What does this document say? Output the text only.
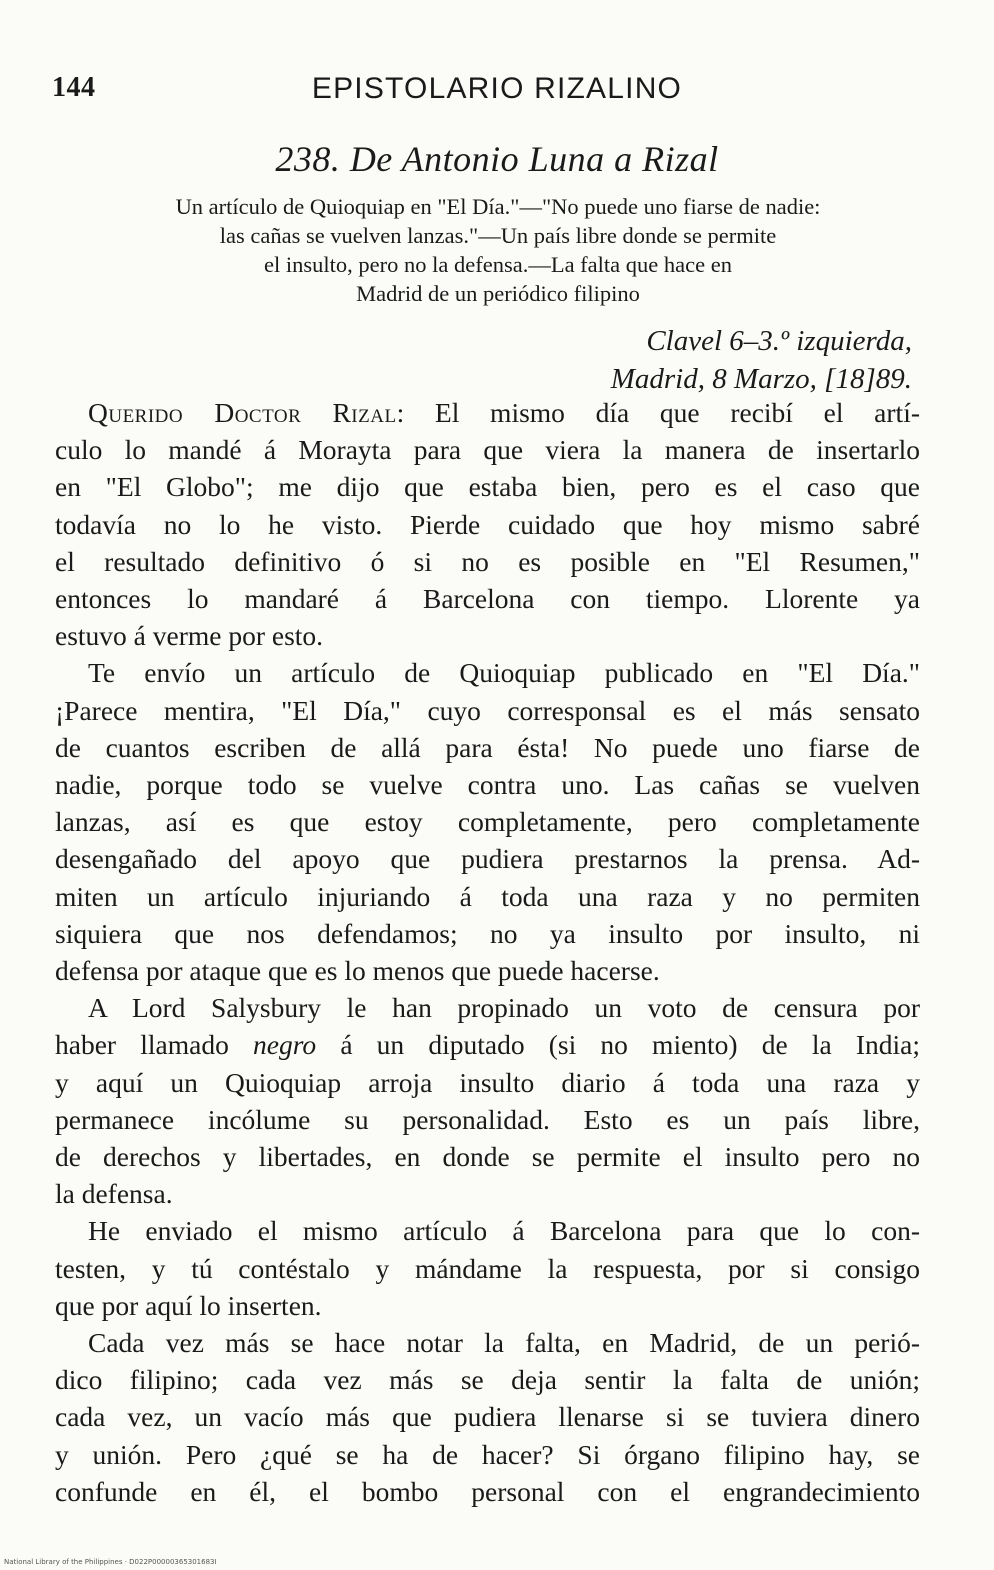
144	EPISTOLARIO RIZALINO
238. De Antonio Luna a Rizal
Un artículo de Quioquiap en "El Día."—"No puede uno fiarse de nadie:
las cañas se vuelven lanzas."—Un país libre donde se permite
el insulto, pero no la defensa.—La falta que hace en
Madrid de un periódico filipino
Clavel 6–3.º izquierda,
Madrid, 8 Marzo, [18]89.
Querido Doctor Rizal: El mismo día que recibí el artí-
culo lo mandé á Morayta para que viera la manera de insertarlo
en "El Globo"; me dijo que estaba bien, pero es el caso que
todavía no lo he visto. Pierde cuidado que hoy mismo sabré
el resultado definitivo ó si no es posible en "El Resumen,"
entonces lo mandaré á Barcelona con tiempo. Llorente ya
estuvo á verme por esto.
Te envío un artículo de Quioquiap publicado en "El Día."
¡Parece mentira, "El Día," cuyo corresponsal es el más sensato
de cuantos escriben de allá para ésta! No puede uno fiarse de
nadie, porque todo se vuelve contra uno. Las cañas se vuelven
lanzas, así es que estoy completamente, pero completamente
desengañado del apoyo que pudiera prestarnos la prensa. Ad-
miten un artículo injuriando á toda una raza y no permiten
siquiera que nos defendamos; no ya insulto por insulto, ni
defensa por ataque que es lo menos que puede hacerse.
A Lord Salysbury le han propinado un voto de censura por
haber llamado negro á un diputado (si no miento) de la India;
y aquí un Quioquiap arroja insulto diario á toda una raza y
permanece incólume su personalidad. Esto es un país libre,
de derechos y libertades, en donde se permite el insulto pero no
la defensa.
He enviado el mismo artículo á Barcelona para que lo con-
testen, y tú contéstalo y mándame la respuesta, por si consigo
que por aquí lo inserten.
Cada vez más se hace notar la falta, en Madrid, de un perió-
dico filipino; cada vez más se deja sentir la falta de unión;
cada vez, un vacío más que pudiera llenarse si se tuviera dinero
y unión. Pero ¿qué se ha de hacer? Si órgano filipino hay, se
confunde en él, el bombo personal con el engrandecimiento
National Library of the Philippines · D022P00000365301683I
